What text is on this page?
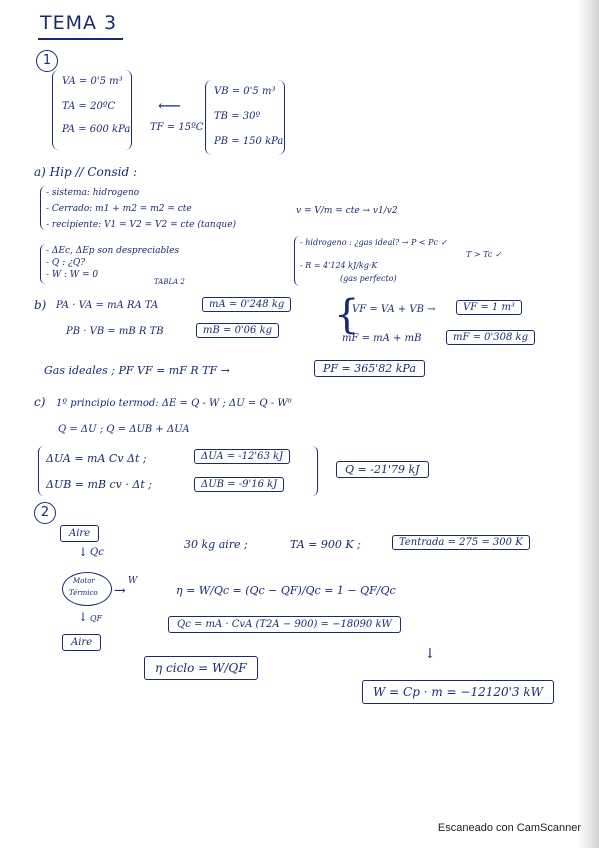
TEMA 3
1
VA = 0'5 m³
TA = 20ºC
PA = 600 kPa
⟵
TF = 15ºC
VB = 0'5 m³
TB = 30º
PB = 150 kPa
a) Hip // Consid :
- sistema: hidrogeno
- Cerrado: m1 + m2 = m2 = cte
- recipiente: V1 = V2 = V2 = cte (tanque)
v = V/m = cte → v1/v2
- ΔEc, ΔEp son despreciables
- Q : ¿Q?
- W : W = 0
- hidrogeno : ¿gas ideal? → P < Pc ✓
T > Tc ✓
- R = 4'124 kJ/kg·K
(gas perfecto)
b)
TABLA 2
PA · VA = mA RA TA	mA = 0'248 kg
PB · VB = mB R TB	mB = 0'06 kg {
VF = VA + VB →	VF = 1 m³
mF = mA + mB	mF = 0'308 kg
Gas ideales ; PF VF = mF R TF →	PF = 365'82 kPa
c) 1º principio termod: ΔE = Q - W ; ΔU = Q - W⁰
Q = ΔU ; Q = ΔUB + ΔUA
ΔUA = mA Cv Δt ;	ΔUA = -12'63 kJ
ΔUB = mB cv · Δt ;	ΔUB = -9'16 kJ
Q = -21'79 kJ
2
Aire
↓ Qc
Motor
Térmico →
W
↓ QF
Aire
30 kg aire ;	TA = 900 K ;	Tentrada = 275 = 300 K
η = W/Qc = (Qc − QF)/Qc = 1 − QF/Qc
Qc = mA · CvA (T2A − 900) = −18090 kW
↓
η ciclo = W/QF
W = Cp · m = −12120'3 kW
Escaneado con CamScanner
